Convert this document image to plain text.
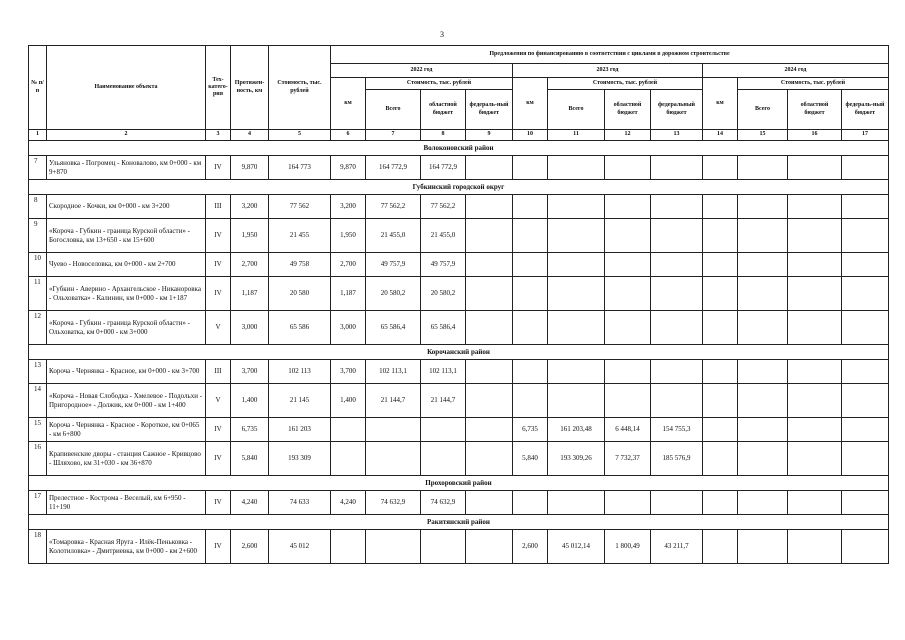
3
№ п/п	Наименование объекта	Тех-катего-рия	Протяжен-ность, км	Стоимость, тыс. рублей	Предложения по финансированию в соответствии с циклами в дорожном строительстве											
					2022 год				2023 год				2024 год			
					км	Стоимость, тыс. рублей			км	Стоимость, тыс. рублей			км	Стоимость, тыс. рублей		
						Всего	областной бюджет	федераль-ный бюджет		Всего	областной бюджет	федеральный бюджет		Всего	областной бюджет	федераль-ный бюджет
1	2	3	4	5	6	7	8	9	10	11	12	13	14	15	16	17
Волоконовский район																

7	Ульяновка - Погромец - Коновалово, км 0+000 - км 9+870	IV	9,870	164 773	9,870	164 772,9	164 772,9									
Губкинский городской округ																

8	Скородное - Кочки, км 0+000 - км 3+200	III	3,200	77 562	3,200	77 562,2	77 562,2									

9	«Короча - Губкин - граница Курской области» - Богословка, км 13+650 - км 15+600	IV	1,950	21 455	1,950	21 455,0	21 455,0									

10	Чуево - Новоселовка, км 0+000 - км 2+700	IV	2,700	49 758	2,700	49 757,9	49 757,9									

11	«Губкин - Аверино - Архангельское - Никаноровка - Ольховатка» - Калинин, км 0+000 - км 1+187	IV	1,187	20 580	1,187	20 580,2	20 580,2									

12	«Короча - Губкин - граница Курской области» - Ольховатка, км 0+000 - км 3+000	V	3,000	65 586	3,000	65 586,4	65 586,4									
Корочанский район																

13	Короча - Чернянка - Красное, км 0+000 - км 3+700	III	3,700	102 113	3,700	102 113,1	102 113,1									

14	«Короча - Новая Слободка - Хмелевое - Подольхи - Пригородное» - Должик, км 0+000 - км 1+400	V	1,400	21 145	1,400	21 144,7	21 144,7									

15	Короча - Чернянка - Красное - Короткое, км 0+065 - км 6+800	IV	6,735	161 203					6,735	161 203,48	6 448,14	154 755,3				

16	Крапивенские дворы - станция Сажное - Кривцово - Шляхово, км 31+030 - км 36+870	IV	5,840	193 309					5,840	193 309,26	7 732,37	185 576,9				
Прохоровский район																

17	Прелестное - Кострома - Веселый, км 6+950 - 11+190	IV	4,240	74 633	4,240	74 632,9	74 632,9									
Ракитянский район																

18	«Томаровка - Красная Яруга - Илёк-Пеньковка - Колотиловка» - Дмитриевка, км 0+000 - км 2+600	IV	2,600	45 012					2,600	45 012,14	1 800,49	43 211,7				
